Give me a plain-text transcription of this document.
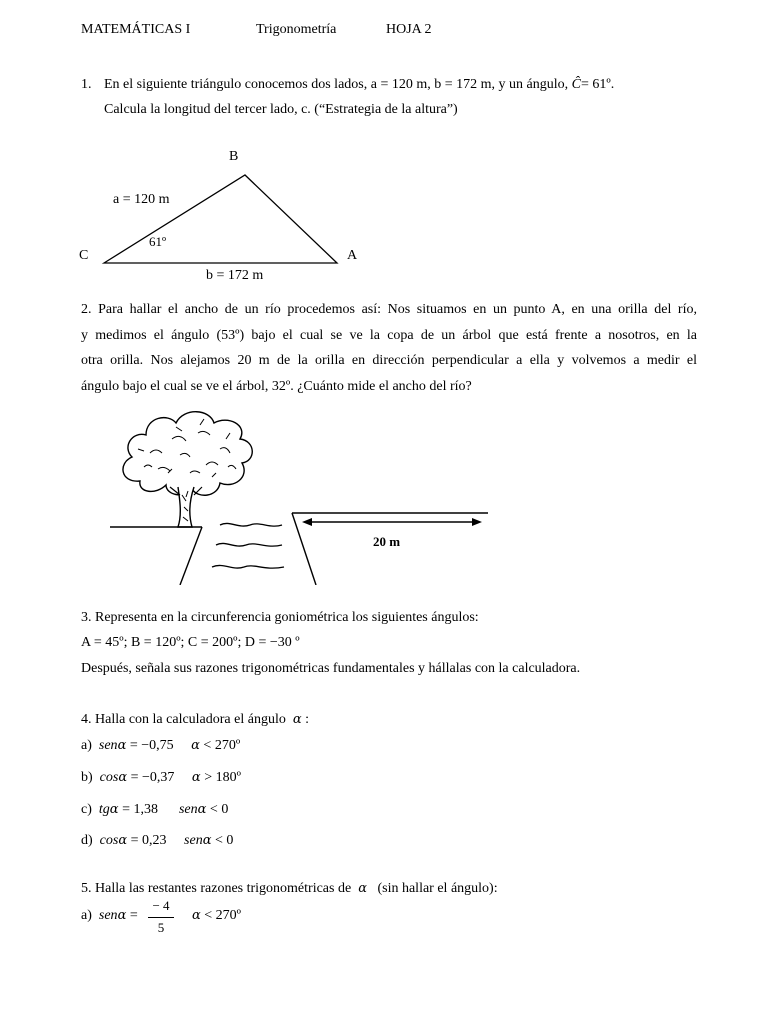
MATEMÁTICAS I	Trigonometría	HOJA 2
1. En el siguiente triángulo conocemos dos lados, a = 120 m, b = 172 m, y un ángulo, Ĉ= 61º.
Calcula la longitud del tercer lado, c. (“Estrategia de la altura”)
B
C	A
a = 120 m
61º
b = 172 m
2. Para hallar el ancho de un río procedemos así: Nos situamos en un punto A, en una orilla del río,
y medimos el ángulo (53º) bajo el cual se ve la copa de un árbol que está frente a nosotros, en la
otra orilla. Nos alejamos 20 m de la orilla en dirección perpendicular a ella y volvemos a medir el
ángulo bajo el cual se ve el árbol, 32º. ¿Cuánto mide el ancho del río?
20 m
3. Representa en la circunferencia goniométrica los siguientes ángulos:
A = 45º; B = 120º; C = 200º; D = −30 º
Después, señala sus razones trigonométricas fundamentales y hállalas con la calculadora.
4. Halla con la calculadora el ángulo α :
a) senα = −0,75 α < 270º
b) cosα = −0,37 α > 180º
c) tgα = 1,38 senα < 0
d) cosα = 0,23 senα < 0
5. Halla las restantes razones trigonométricas de α (sin hallar el ángulo):
a) senα =
− 4
5
α < 270º
